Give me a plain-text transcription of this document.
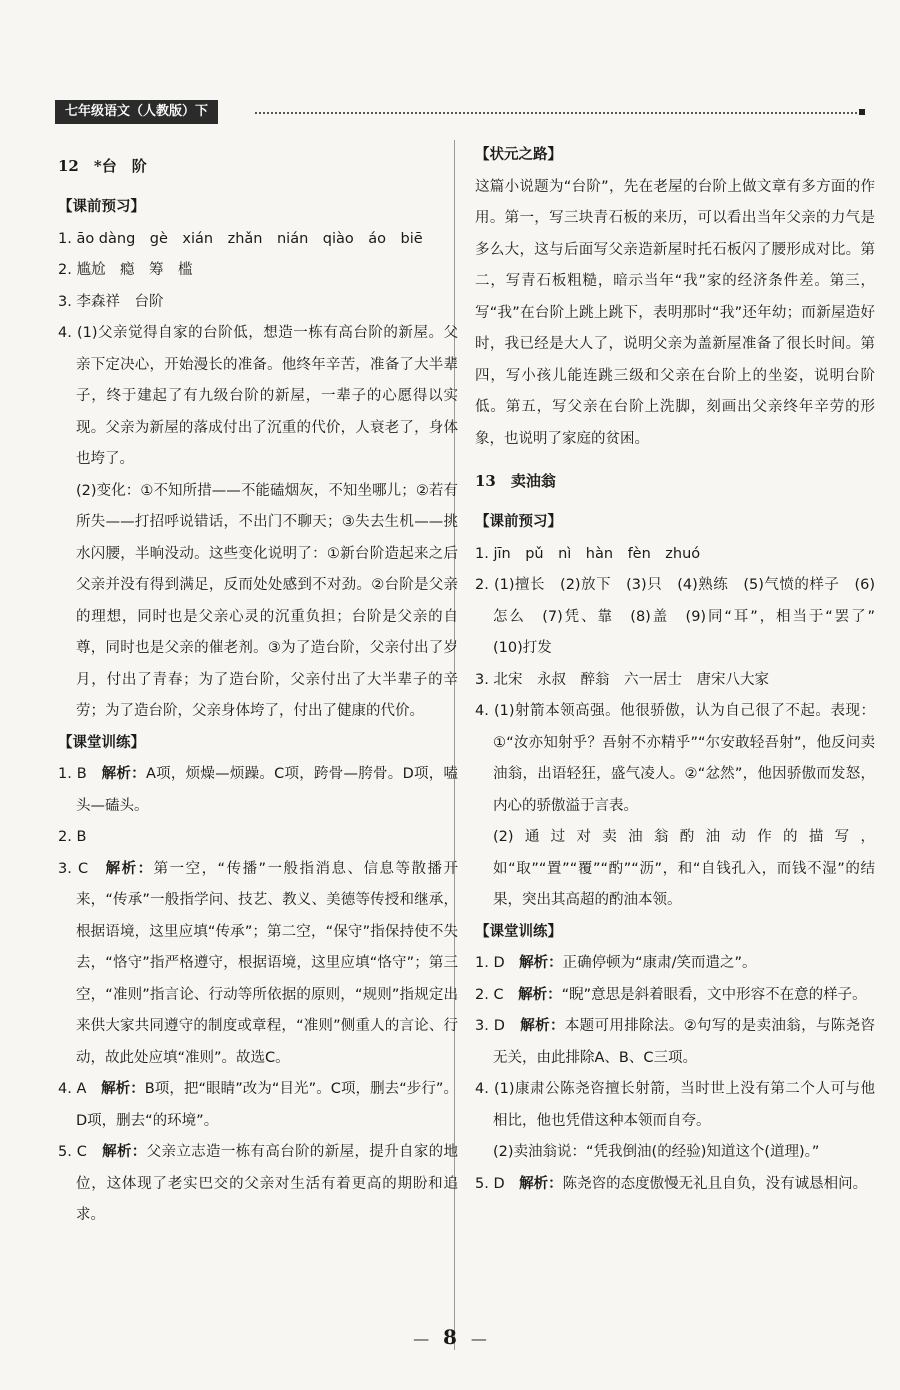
七年级语文（人教版）下

12　*台　阶

【课前预习】

1. āo dàng　gè　xián　zhǎn　nián　qiào　áo　biē

2. 尴尬　瘾　筹　槛

3. 李森祥　台阶

4. (1)父亲觉得自家的台阶低，想造一栋有高台阶的新屋。父亲下定决心，开始漫长的准备。他终年辛苦，准备了大半辈子，终于建起了有九级台阶的新屋，一辈子的心愿得以实现。父亲为新屋的落成付出了沉重的代价，人衰老了，身体也垮了。

(2)变化：①不知所措——不能磕烟灰，不知坐哪儿；②若有所失——打招呼说错话，不出门不聊天；③失去生机——挑水闪腰，半晌没动。这些变化说明了：①新台阶造起来之后父亲并没有得到满足，反而处处感到不对劲。②台阶是父亲的理想，同时也是父亲心灵的沉重负担；台阶是父亲的自尊，同时也是父亲的催老剂。③为了造台阶，父亲付出了岁月，付出了青春；为了造台阶，父亲付出了大半辈子的辛劳；为了造台阶，父亲身体垮了，付出了健康的代价。

【课堂训练】

1. B　 解析：A项，烦燥—烦躁。C项，跨骨—胯骨。D项，嗑头—磕头。

2. B

3. C　 解析：第一空，“传播”一般指消息、信息等散播开来，“传承”一般指学问、技艺、教义、美德等传授和继承，根据语境，这里应填“传承”；第二空，“保守”指保持使不失去，“恪守”指严格遵守，根据语境，这里应填“恪守”；第三空，“准则”指言论、行动等所依据的原则，“规则”指规定出来供大家共同遵守的制度或章程，“准则”侧重人的言论、行动，故此处应填“准则”。故选C。

4. A　 解析：B项，把“眼睛”改为“目光”。C项，删去“步行”。D项，删去“的环境”。

5. C　 解析：父亲立志造一栋有高台阶的新屋，提升自家的地位，这体现了老实巴交的父亲对生活有着更高的期盼和追求。

【状元之路】

这篇小说题为“台阶”，先在老屋的台阶上做文章有多方面的作用。第一，写三块青石板的来历，可以看出当年父亲的力气是多么大，这与后面写父亲造新屋时托石板闪了腰形成对比。第二，写青石板粗糙，暗示当年“我”家的经济条件差。第三，写“我”在台阶上跳上跳下，表明那时“我”还年幼；而新屋造好时，我已经是大人了，说明父亲为盖新屋准备了很长时间。第四，写小孩儿能连跳三级和父亲在台阶上的坐姿，说明台阶低。第五，写父亲在台阶上洗脚，刻画出父亲终年辛劳的形象，也说明了家庭的贫困。

13　卖油翁

【课前预习】

1. jīn　pǔ　nì　hàn　fèn　zhuó

2. (1)擅长　(2)放下　(3)只　(4)熟练　(5)气愤的样子　(6)怎么　(7)凭、靠　(8)盖　(9)同“耳”，相当于“罢了”　(10)打发

3. 北宋　永叔　醉翁　六一居士　唐宋八大家

4. (1)射箭本领高强。他很骄傲，认为自己很了不起。表现：①“汝亦知射乎？吾射不亦精乎”“尔安敢轻吾射”，他反问卖油翁，出语轻狂，盛气凌人。②“忿然”，他因骄傲而发怒，内心的骄傲溢于言表。

(2)通过对卖油翁酌油动作的描写，如“取”“置”“覆”“酌”“沥”，和“自钱孔入，而钱不湿”的结果，突出其高超的酌油本领。

【课堂训练】

1. D　 解析：正确停顿为“康肃/笑而遣之”。

2. C　 解析：“睨”意思是斜着眼看，文中形容不在意的样子。

3. D　 解析：本题可用排除法。②句写的是卖油翁，与陈尧咨无关，由此排除A、B、C三项。

4. (1)康肃公陈尧咨擅长射箭，当时世上没有第二个人可与他相比，他也凭借这种本领而自夸。

(2)卖油翁说：“凭我倒油(的经验)知道这个(道理)。”

5. D　 解析：陈尧咨的态度傲慢无礼且自负，没有诚恳相问。

— 8 —
